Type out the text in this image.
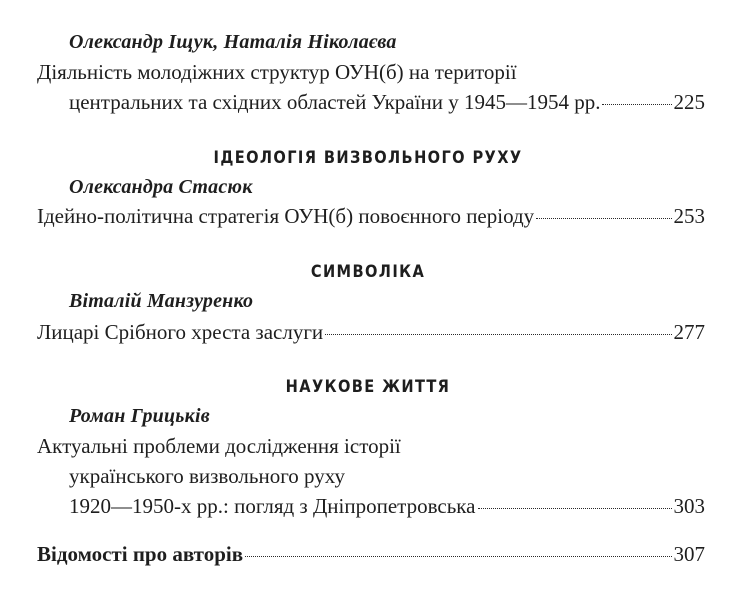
Олександр Іщук, Наталія Ніколаєва
Діяльність молодіжних структур ОУН(б) на території
центральних та східних областей України у 1945—1954 рр.	225
ІДЕОЛОГІЯ ВИЗВОЛЬНОГО РУХУ
Олександра Стасюк
Ідейно-політична стратегія ОУН(б) повоєнного періоду	253
СИМВОЛІКА
Віталій Манзуренко
Лицарі Срібного хреста заслуги	277
НАУКОВЕ ЖИТТЯ
Роман Грицьків
Актуальні проблеми дослідження історії
українського визвольного руху
1920—1950-х рр.: погляд з Дніпропетровська	303
Відомості про авторів	307
